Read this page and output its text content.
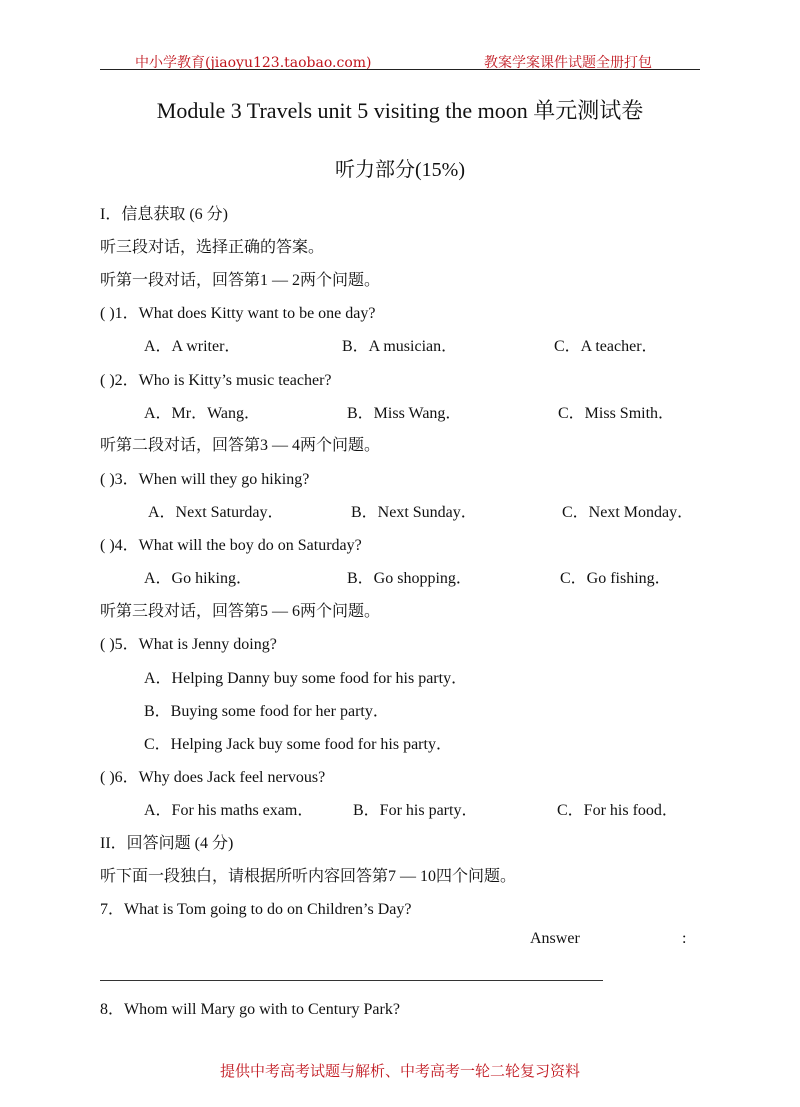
中小学教育(jiaoyu123.taobao.com)	教案学案课件试题全册打包
Module 3 Travels unit 5 visiting the moon 单元测试卷
听力部分(15%)
I．信息获取 (6 分)
听三段对话，选择正确的答案。
听第一段对话，回答第1 — 2两个问题。
( )1．What does Kitty want to be one day?
A．A writer．	B．A musician．	C．A teacher．
( )2．Who is Kitty’s music teacher?
A．Mr．Wang．	B．Miss Wang．	C．Miss Smith．
听第二段对话，回答第3 — 4两个问题。
( )3．When will they go hiking?
A．Next Saturday．	B．Next Sunday．	C．Next Monday．
( )4．What will the boy do on Saturday?
A．Go hiking．	B．Go shopping．	C．Go fishing．
听第三段对话，回答第5 — 6两个问题。
( )5．What is Jenny doing?
A．Helping Danny buy some food for his party．
B．Buying some food for her party．
C．Helping Jack buy some food for his party．
( )6．Why does Jack feel nervous?
A．For his maths exam． B．For his party．	C．For his food．
II．回答问题 (4 分)
听下面一段独白，请根据所听内容回答第7 — 10四个问题。
7．What is Tom going to do on Children’s Day?
Answer	:
8．Whom will Mary go with to Century Park?
提供中考高考试题与解析、中考高考一轮二轮复习资料
